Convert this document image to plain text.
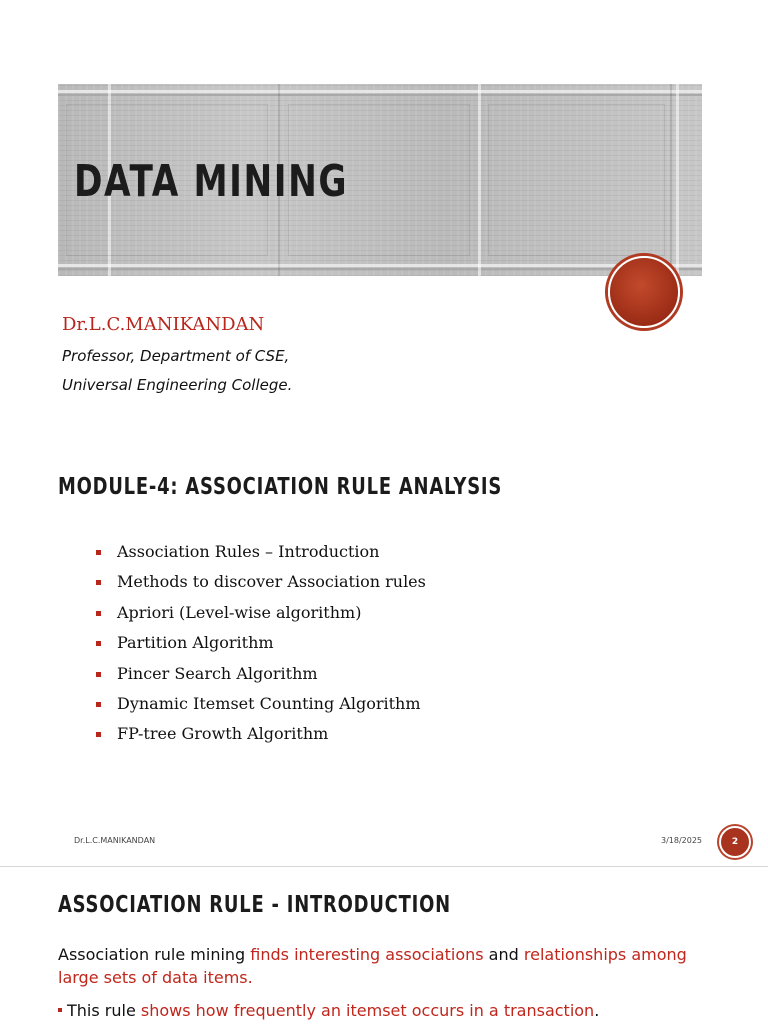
DATA MINING
Dr.L.C.MANIKANDAN
Professor, Department of CSE,
Universal Engineering College.
MODULE-4: ASSOCIATION RULE ANALYSIS
Association Rules – Introduction
Methods to discover Association rules
Apriori (Level-wise algorithm)
Partition Algorithm
Pincer Search Algorithm
Dynamic Itemset Counting Algorithm
FP-tree Growth Algorithm
Dr.L.C.MANIKANDAN	3/18/2025	2
ASSOCIATION RULE - INTRODUCTION
Association rule mining finds interesting associations and relationships among large sets of data items.
This rule shows how frequently an itemset occurs in a transaction.
